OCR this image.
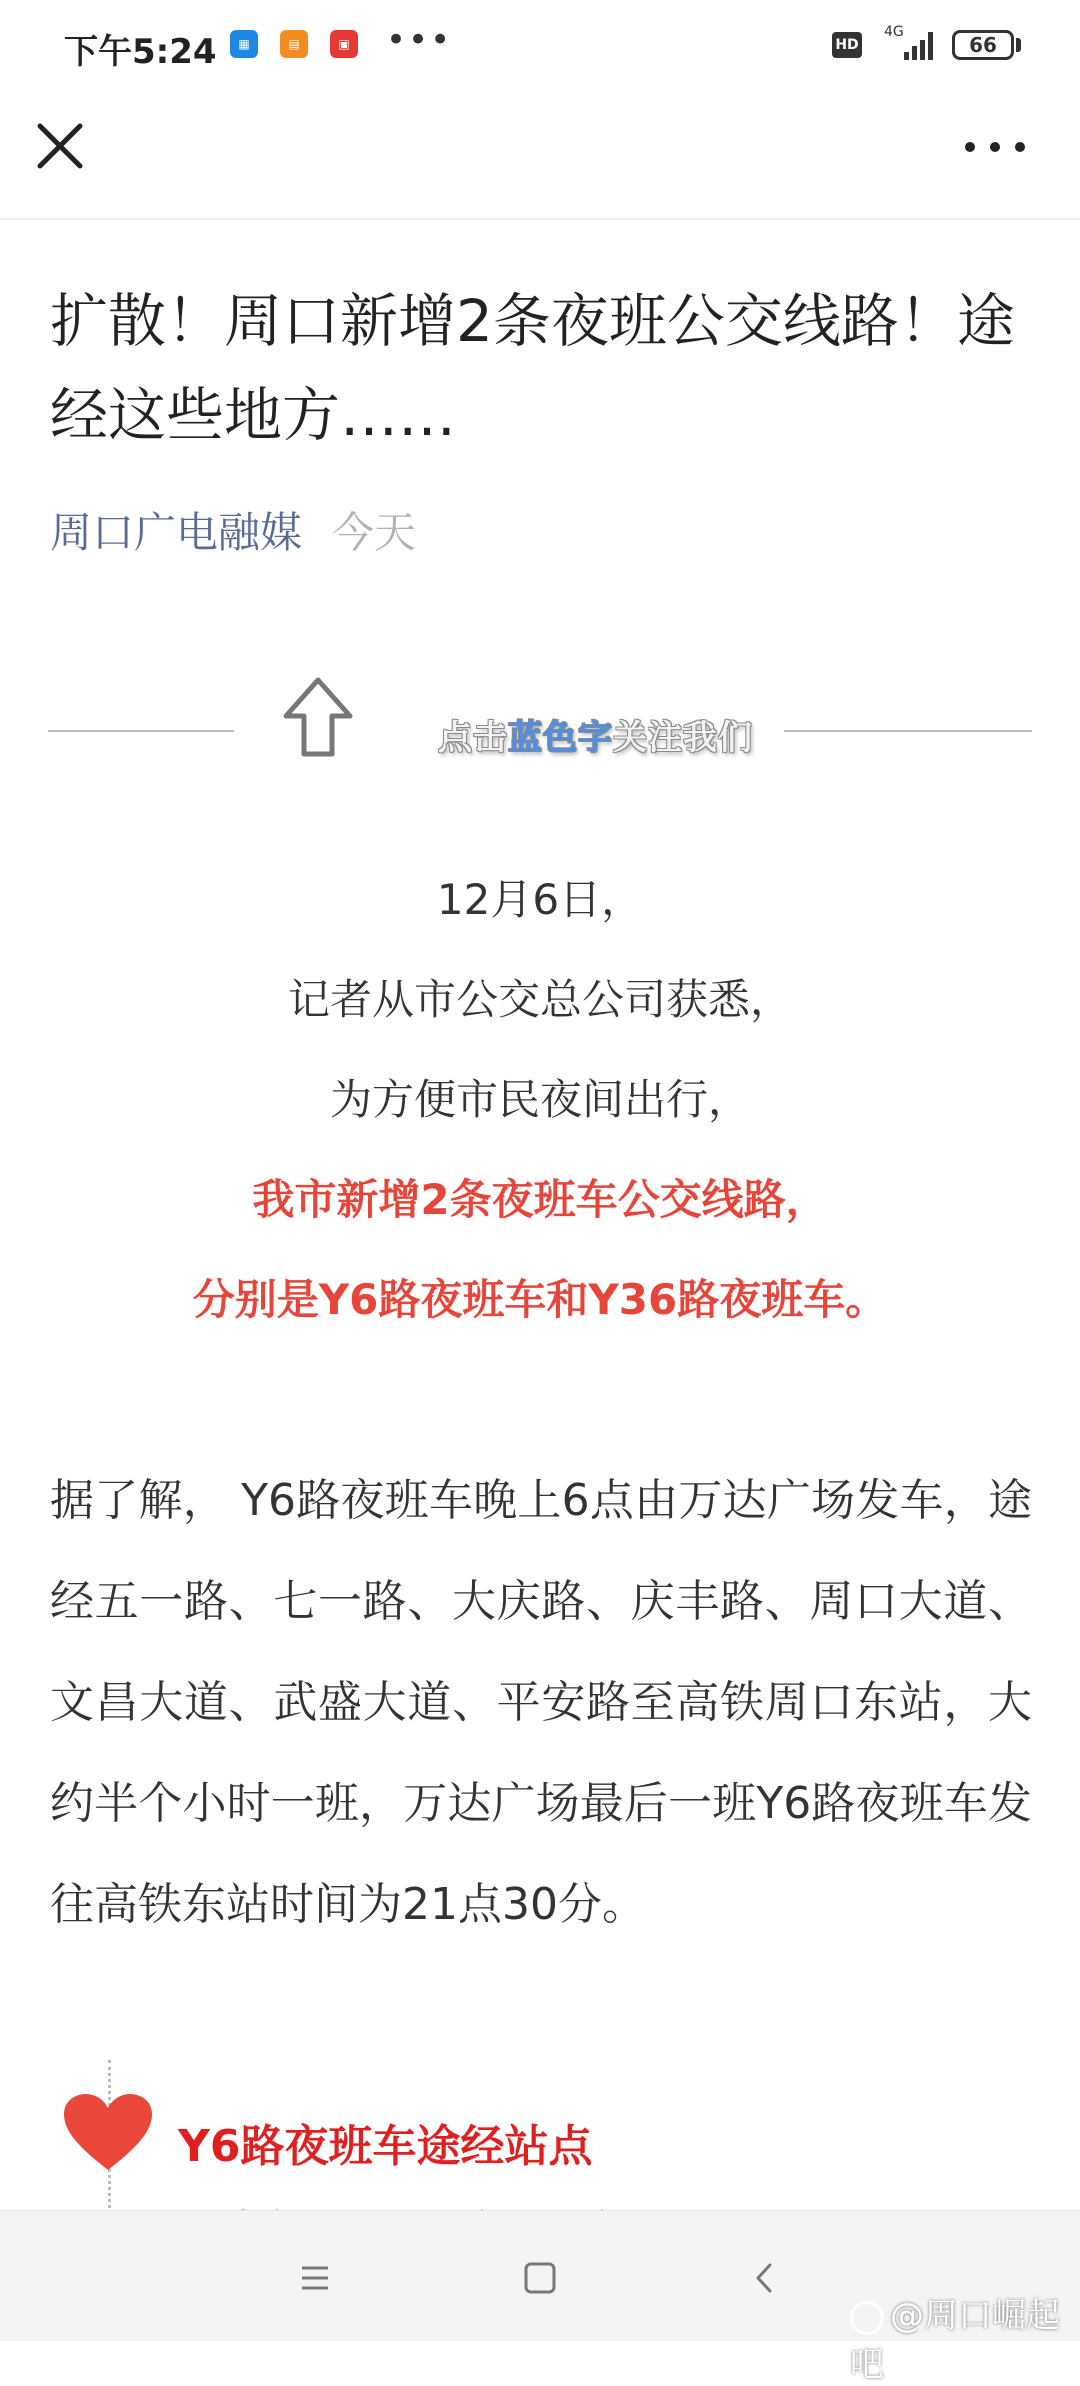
下午5:24	▦	▤	▣ •••	HD
4G
66
扩散！周口新增2条夜班公交线路！途经这些地方……
周口广电融媒 今天
点击蓝色字关注我们

12月6日，

记者从市公交总公司获悉，

为方便市民夜间出行，

我市新增2条夜班车公交线路，

分别是Y6路夜班车和Y36路夜班车。

据了解， Y6路夜班车晚上6点由万达广场发车，途经五一路、七一路、大庆路、庆丰路、周口大道、文昌大道、武盛大道、平安路至高铁周口东站，大约半个小时一班，万达广场最后一班Y6路夜班车发往高铁东站时间为21点30分。

Y6路夜班车途经站点
@周口崛起吧
